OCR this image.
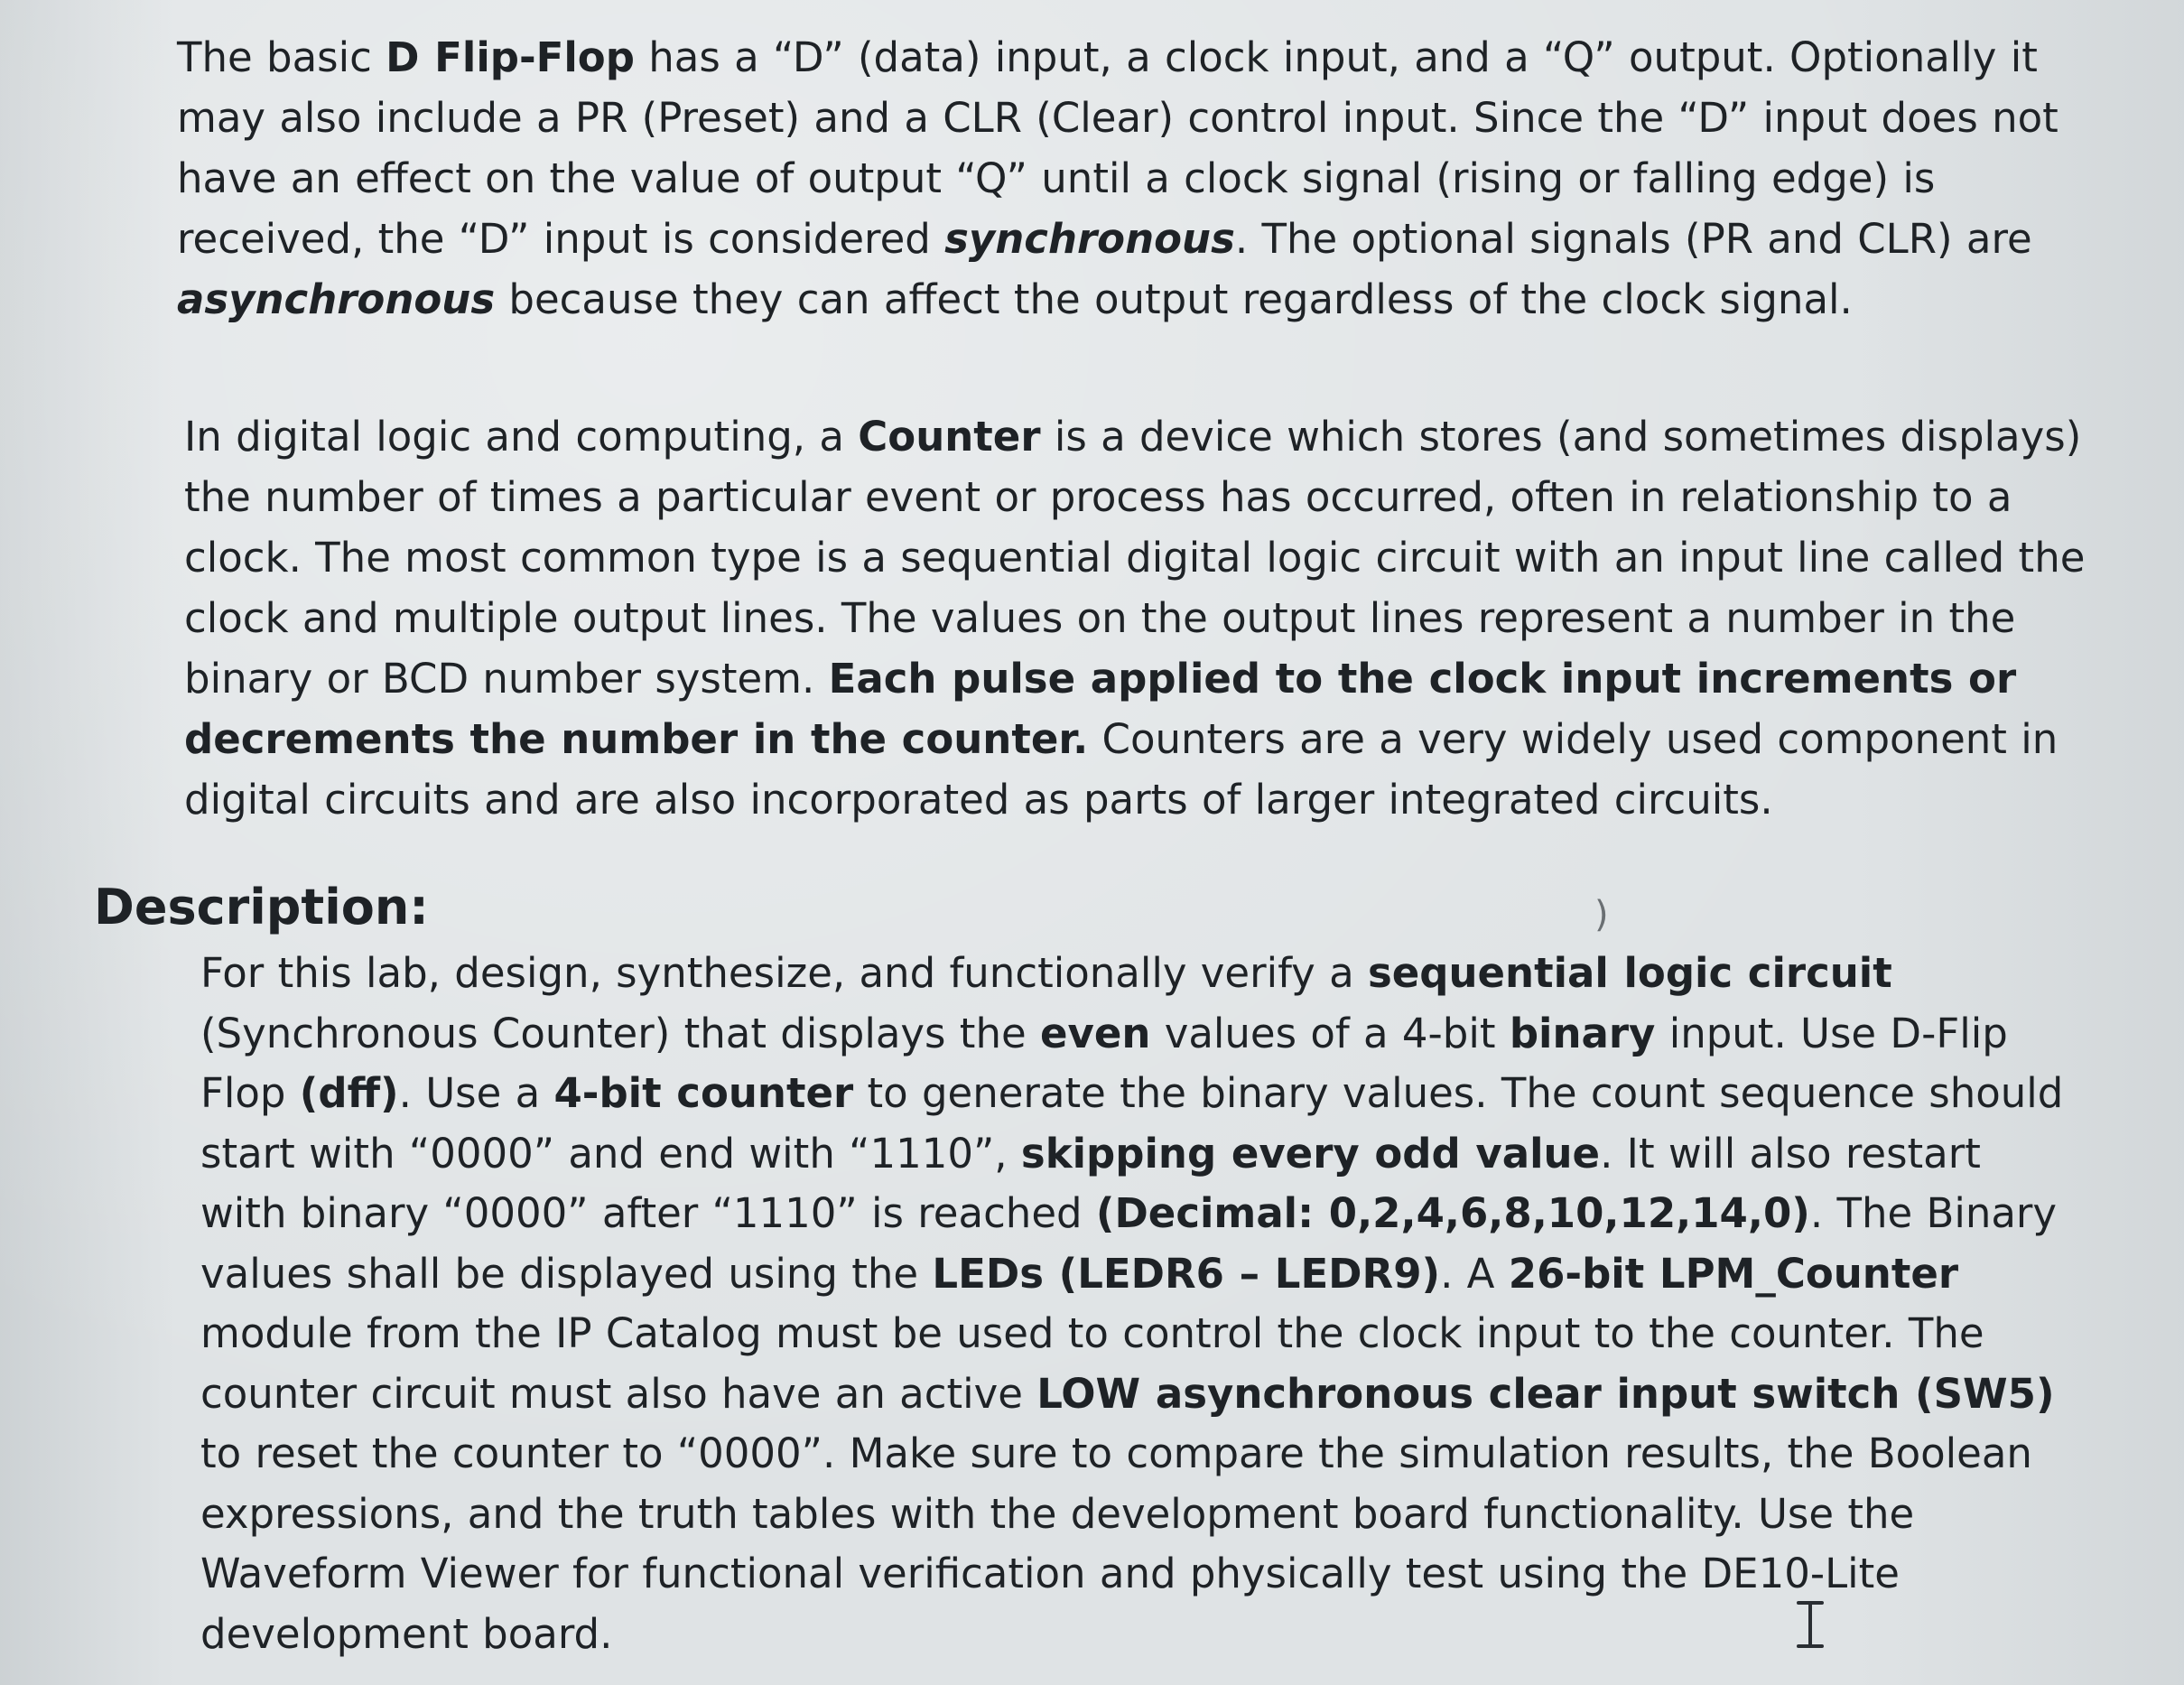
The basic D Flip-Flop has a “D” (data) input, a clock input, and a “Q” output. Optionally it may also include a PR (Preset) and a CLR (Clear) control input. Since the “D” input does not have an effect on the value of output “Q” until a clock signal (rising or falling edge) is received, the “D” input is considered synchronous. The optional signals (PR and CLR) are asynchronous because they can affect the output regardless of the clock signal.
In digital logic and computing, a Counter is a device which stores (and sometimes displays) the number of times a particular event or process has occurred, often in relationship to a clock. The most common type is a sequential digital logic circuit with an input line called the clock and multiple output lines. The values on the output lines represent a number in the binary or BCD number system. Each pulse applied to the clock input increments or decrements the number in the counter. Counters are a very widely used component in digital circuits and are also incorporated as parts of larger integrated circuits.
Description:	)
For this lab, design, synthesize, and functionally verify a sequential logic circuit (Synchronous Counter) that displays the even values of a 4-bit binary input. Use D-Flip Flop (dff). Use a 4-bit counter to generate the binary values. The count sequence should start with “0000” and end with “1110”, skipping every odd value. It will also restart with binary “0000” after “1110” is reached (Decimal: 0,2,4,6,8,10,12,14,0). The Binary values shall be displayed using the LEDs (LEDR6 – LEDR9). A 26-bit LPM_Counter module from the IP Catalog must be used to control the clock input to the counter. The counter circuit must also have an active LOW asynchronous clear input switch (SW5) to reset the counter to “0000”. Make sure to compare the simulation results, the Boolean expressions, and the truth tables with the development board functionality. Use the Waveform Viewer for functional verification and physically test using the DE10-Lite development board.
